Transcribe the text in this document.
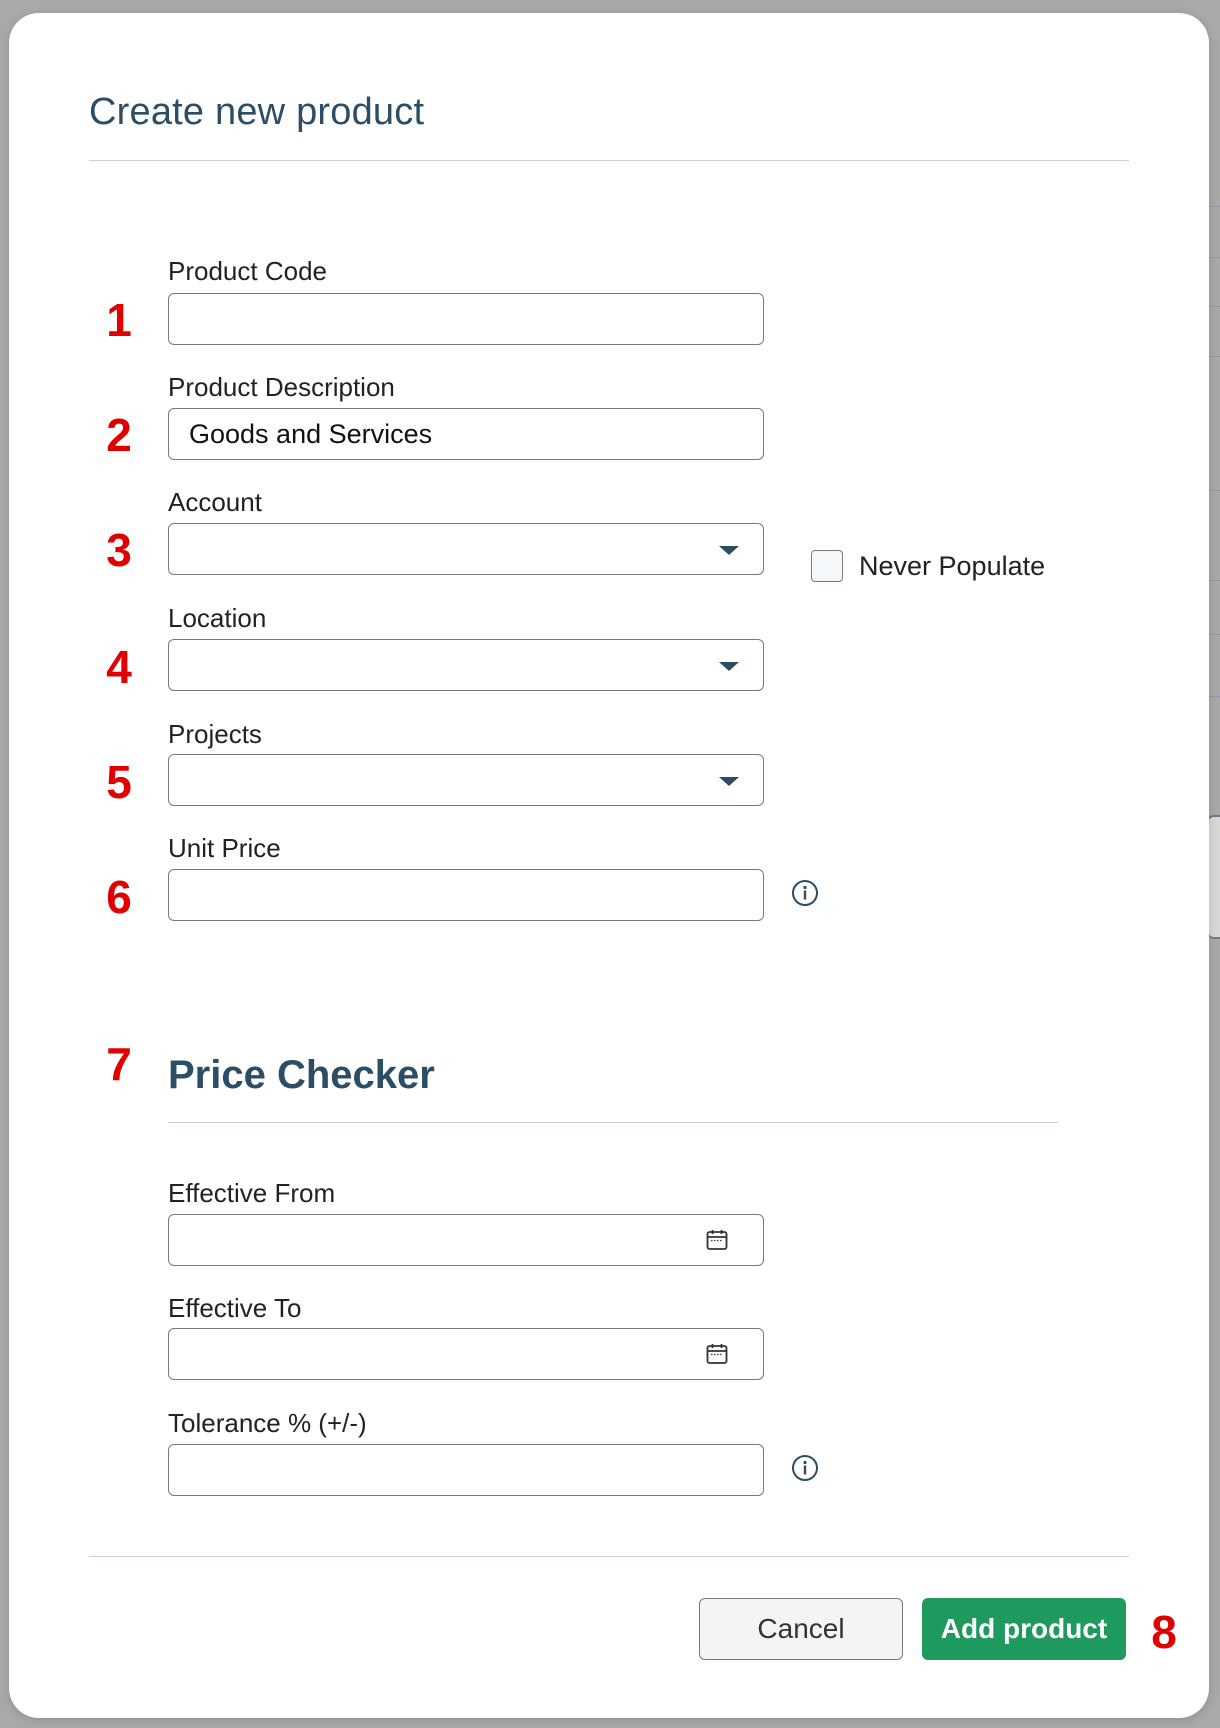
Create new product
Product Code
1
Product Description
2
Goods and Services
Account
3	Never Populate
Location
4
Projects
5
Unit Price
6
7 Price Checker
Effective From
Effective To
Tolerance % (+/-)
Cancel	Add product 8
